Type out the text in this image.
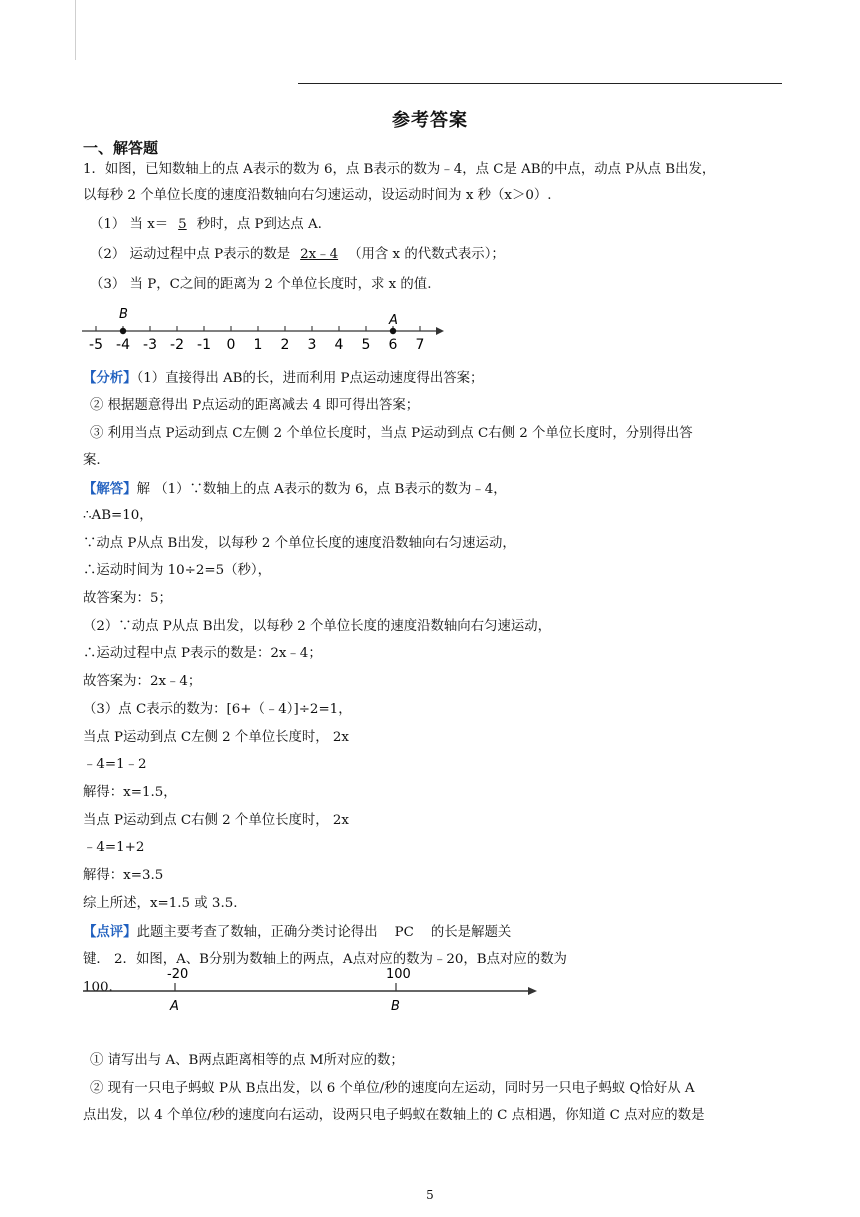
参考答案
一、解答题
1．如图，已知数轴上的点 A表示的数为 6，点 B表示的数为﹣4，点 C是 AB的中点，动点 P从点 B出发，
以每秒 2 个单位长度的速度沿数轴向右匀速运动，设运动时间为 x 秒（x＞0）.
（1） 当 x＝ 5 秒时，点 P到达点 A.
（2） 运动过程中点 P表示的数是 2x﹣4 （用含 x 的代数式表示）；
（3） 当 P，C之间的距离为 2 个单位长度时，求 x 的值.
-5 -4 -3 -2 -1 0 1 2 3 4 5 6 7
B	A
【分析】（1）直接得出 AB的长，进而利用 P点运动速度得出答案；
② 根据题意得出 P点运动的距离减去 4 即可得出答案；
③ 利用当点 P运动到点 C左侧 2 个单位长度时，当点 P运动到点 C右侧 2 个单位长度时，分别得出答
案.
【解答】解 （1）∵数轴上的点 A表示的数为 6，点 B表示的数为﹣4，
∴AB=10，
∵动点 P从点 B出发，以每秒 2 个单位长度的速度沿数轴向右匀速运动，
∴运动时间为 10÷2=5（秒），
故答案为：5；
（2）∵动点 P从点 B出发，以每秒 2 个单位长度的速度沿数轴向右匀速运动，
∴运动过程中点 P表示的数是：2x﹣4；
故答案为：2x﹣4；
（3）点 C表示的数为：[6+（﹣4）]÷2=1，
当点 P运动到点 C左侧 2 个单位长度时， 2x
﹣4=1﹣2
解得：x=1.5，
当点 P运动到点 C右侧 2 个单位长度时， 2x
﹣4=1+2
解得：x=3.5
综上所述，x=1.5 或 3.5.
【点评】此题主要考查了数轴，正确分类讨论得出    PC    的长是解题关
键． 2．如图，A、B分别为数轴上的两点，A点对应的数为﹣20，B点对应的数为
100.
-20	100
A	B
① 请写出与 A、B两点距离相等的点 M所对应的数；
② 现有一只电子蚂蚁 P从 B点出发，以 6 个单位/秒的速度向左运动，同时另一只电子蚂蚁 Q恰好从 A
点出发，以 4 个单位/秒的速度向右运动，设两只电子蚂蚁在数轴上的 C 点相遇，你知道 C 点对应的数是
5
